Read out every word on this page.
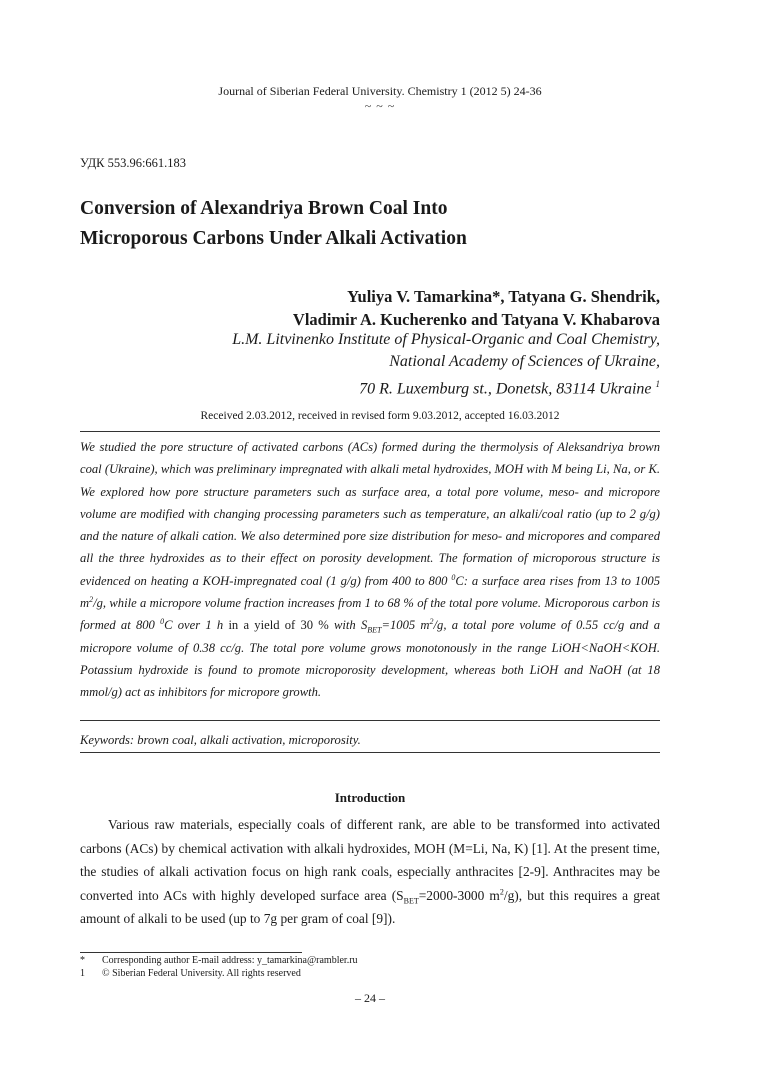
Journal of Siberian Federal University. Chemistry 1 (2012 5) 24-36
~ ~ ~
УДК 553.96:661.183
Conversion of Alexandriya Brown Coal Into
Microporous Carbons Under Alkali Activation
Yuliya V. Tamarkina*, Tatyana G. Shendrik,
Vladimir A. Kucherenko and Tatyana V. Khabarova
L.M. Litvinenko Institute of Physical-Organic and Coal Chemistry,
National Academy of Sciences of Ukraine,
70 R. Luxemburg st., Donetsk, 83114 Ukraine $^1$
Received 2.03.2012, received in revised form 9.03.2012, accepted 16.03.2012
We studied the pore structure of activated carbons (ACs) formed during the thermolysis of Aleksandriya brown coal (Ukraine), which was preliminary impregnated with alkali metal hydroxides, MOH with M being Li, Na, or K. We explored how pore structure parameters such as surface area, a total pore volume, meso- and micropore volume are modified with changing processing parameters such as temperature, an alkali/coal ratio (up to 2 g/g) and the nature of alkali cation. We also determined pore size distribution for meso- and micropores and compared all the three hydroxides as to their effect on porosity development. The formation of microporous structure is evidenced on heating a KOH-impregnated coal (1 g/g) from 400 to 800 $^0$C: a surface area rises from 13 to 1005 $m^2/g$, while a micropore volume fraction increases from 1 to 68 % of the total pore volume. Microporous carbon is formed at 800 $^0$C over 1 h in a yield of 30 % with $S_{BET}=1005$ $m^2/g$, a total pore volume of 0.55 cc/g and a micropore volume of 0.38 cc/g. The total pore volume grows monotonously in the range LiOH<NaOH<KOH. Potassium hydroxide is found to promote microporosity development, whereas both LiOH and NaOH (at 18 mmol/g) act as inhibitors for micropore growth.
Keywords: brown coal, alkali activation, microporosity.
Introduction

Various raw materials, especially coals of different rank, are able to be transformed into activated carbons (ACs) by chemical activation with alkali hydroxides, MOH (M=Li, Na, K) [1]. At the present time, the studies of alkali activation focus on high rank coals, especially anthracites [2-9]. Anthracites may be converted into ACs with highly developed surface area ($S_{BET}=2000-3000$ $m^2/g$), but this requires a great amount of alkali to be used (up to 7g per gram of coal [9]).

* Corresponding author E-mail address: y_tamarkina@rambler.ru
1 © Siberian Federal University. All rights reserved
– 24 –
